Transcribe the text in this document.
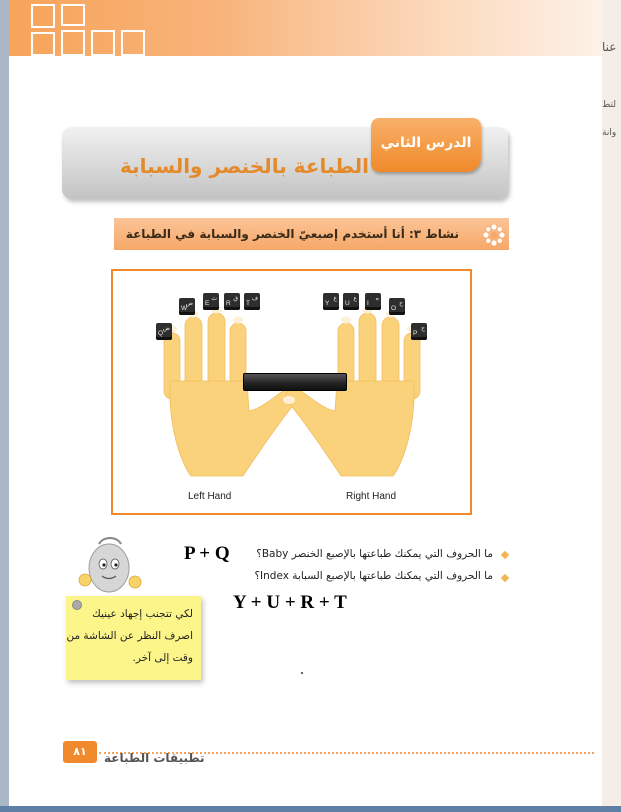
عنا
لتط
وانة
الدرس الثاني
الطباعة بالخنصر والسبابة
نشاط ٣: أنا أستخدم إصبعيّ الخنصر والسبابة في الطباعة
Q
ض
W
ص E
ث
R
ق
T
ف
Y
غ
U
ع
I
ه
O
خ
P
ح
Left Hand	Right Hand
ما الحروف التي يمكنك طباعتها بالإصبع الخنصر Baby؟
P + Q
ما الحروف التي يمكنك طباعتها بالإصبع السبابة Index؟
Y + U + R + T
لكي تتجنب إجهاد عينيك
اصرف النظر عن الشاشة من
وقت إلى آخر.
٨١	تطبيقات الطباعة
